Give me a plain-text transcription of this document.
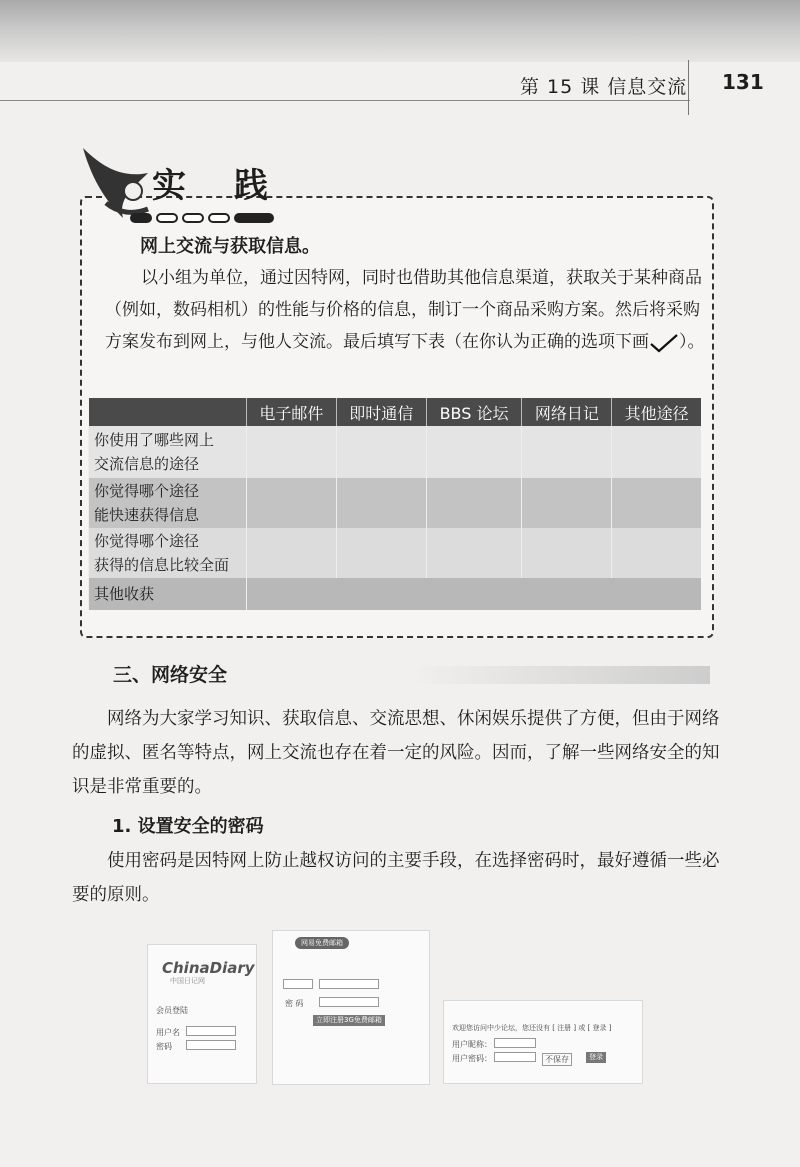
第 15 课 信息交流 131
实 践
网上交流与获取信息。
以小组为单位，通过因特网，同时也借助其他信息渠道，获取关于某种商品（例如，数码相机）的性能与价格的信息，制订一个商品采购方案。然后将采购方案发布到网上，与他人交流。最后填写下表（在你认为正确的选项下画 ）。
	电子邮件	即时通信	BBS 论坛	网络日记	其他途径
你使用了哪些网上
交流信息的途径					
你觉得哪个途径
能快速获得信息					
你觉得哪个途径
获得的信息比较全面					
其他收获					
三、网络安全
网络为大家学习知识、获取信息、交流思想、休闲娱乐提供了方便，但由于网络的虚拟、匿名等特点，网上交流也存在着一定的风险。因而，了解一些网络安全的知识是非常重要的。
1. 设置安全的密码
使用密码是因特网上防止越权访问的主要手段，在选择密码时，最好遵循一些必要的原则。
ChinaDiary
中国日记网
会员登陆
用户名
密码
网易免费邮箱
密 码
立即注册3G免费邮箱
欢迎您访问中少论坛，您还没有 [ 注册 ] 或 [ 登录 ]
用户昵称：
用户密码：	不保存	登录
